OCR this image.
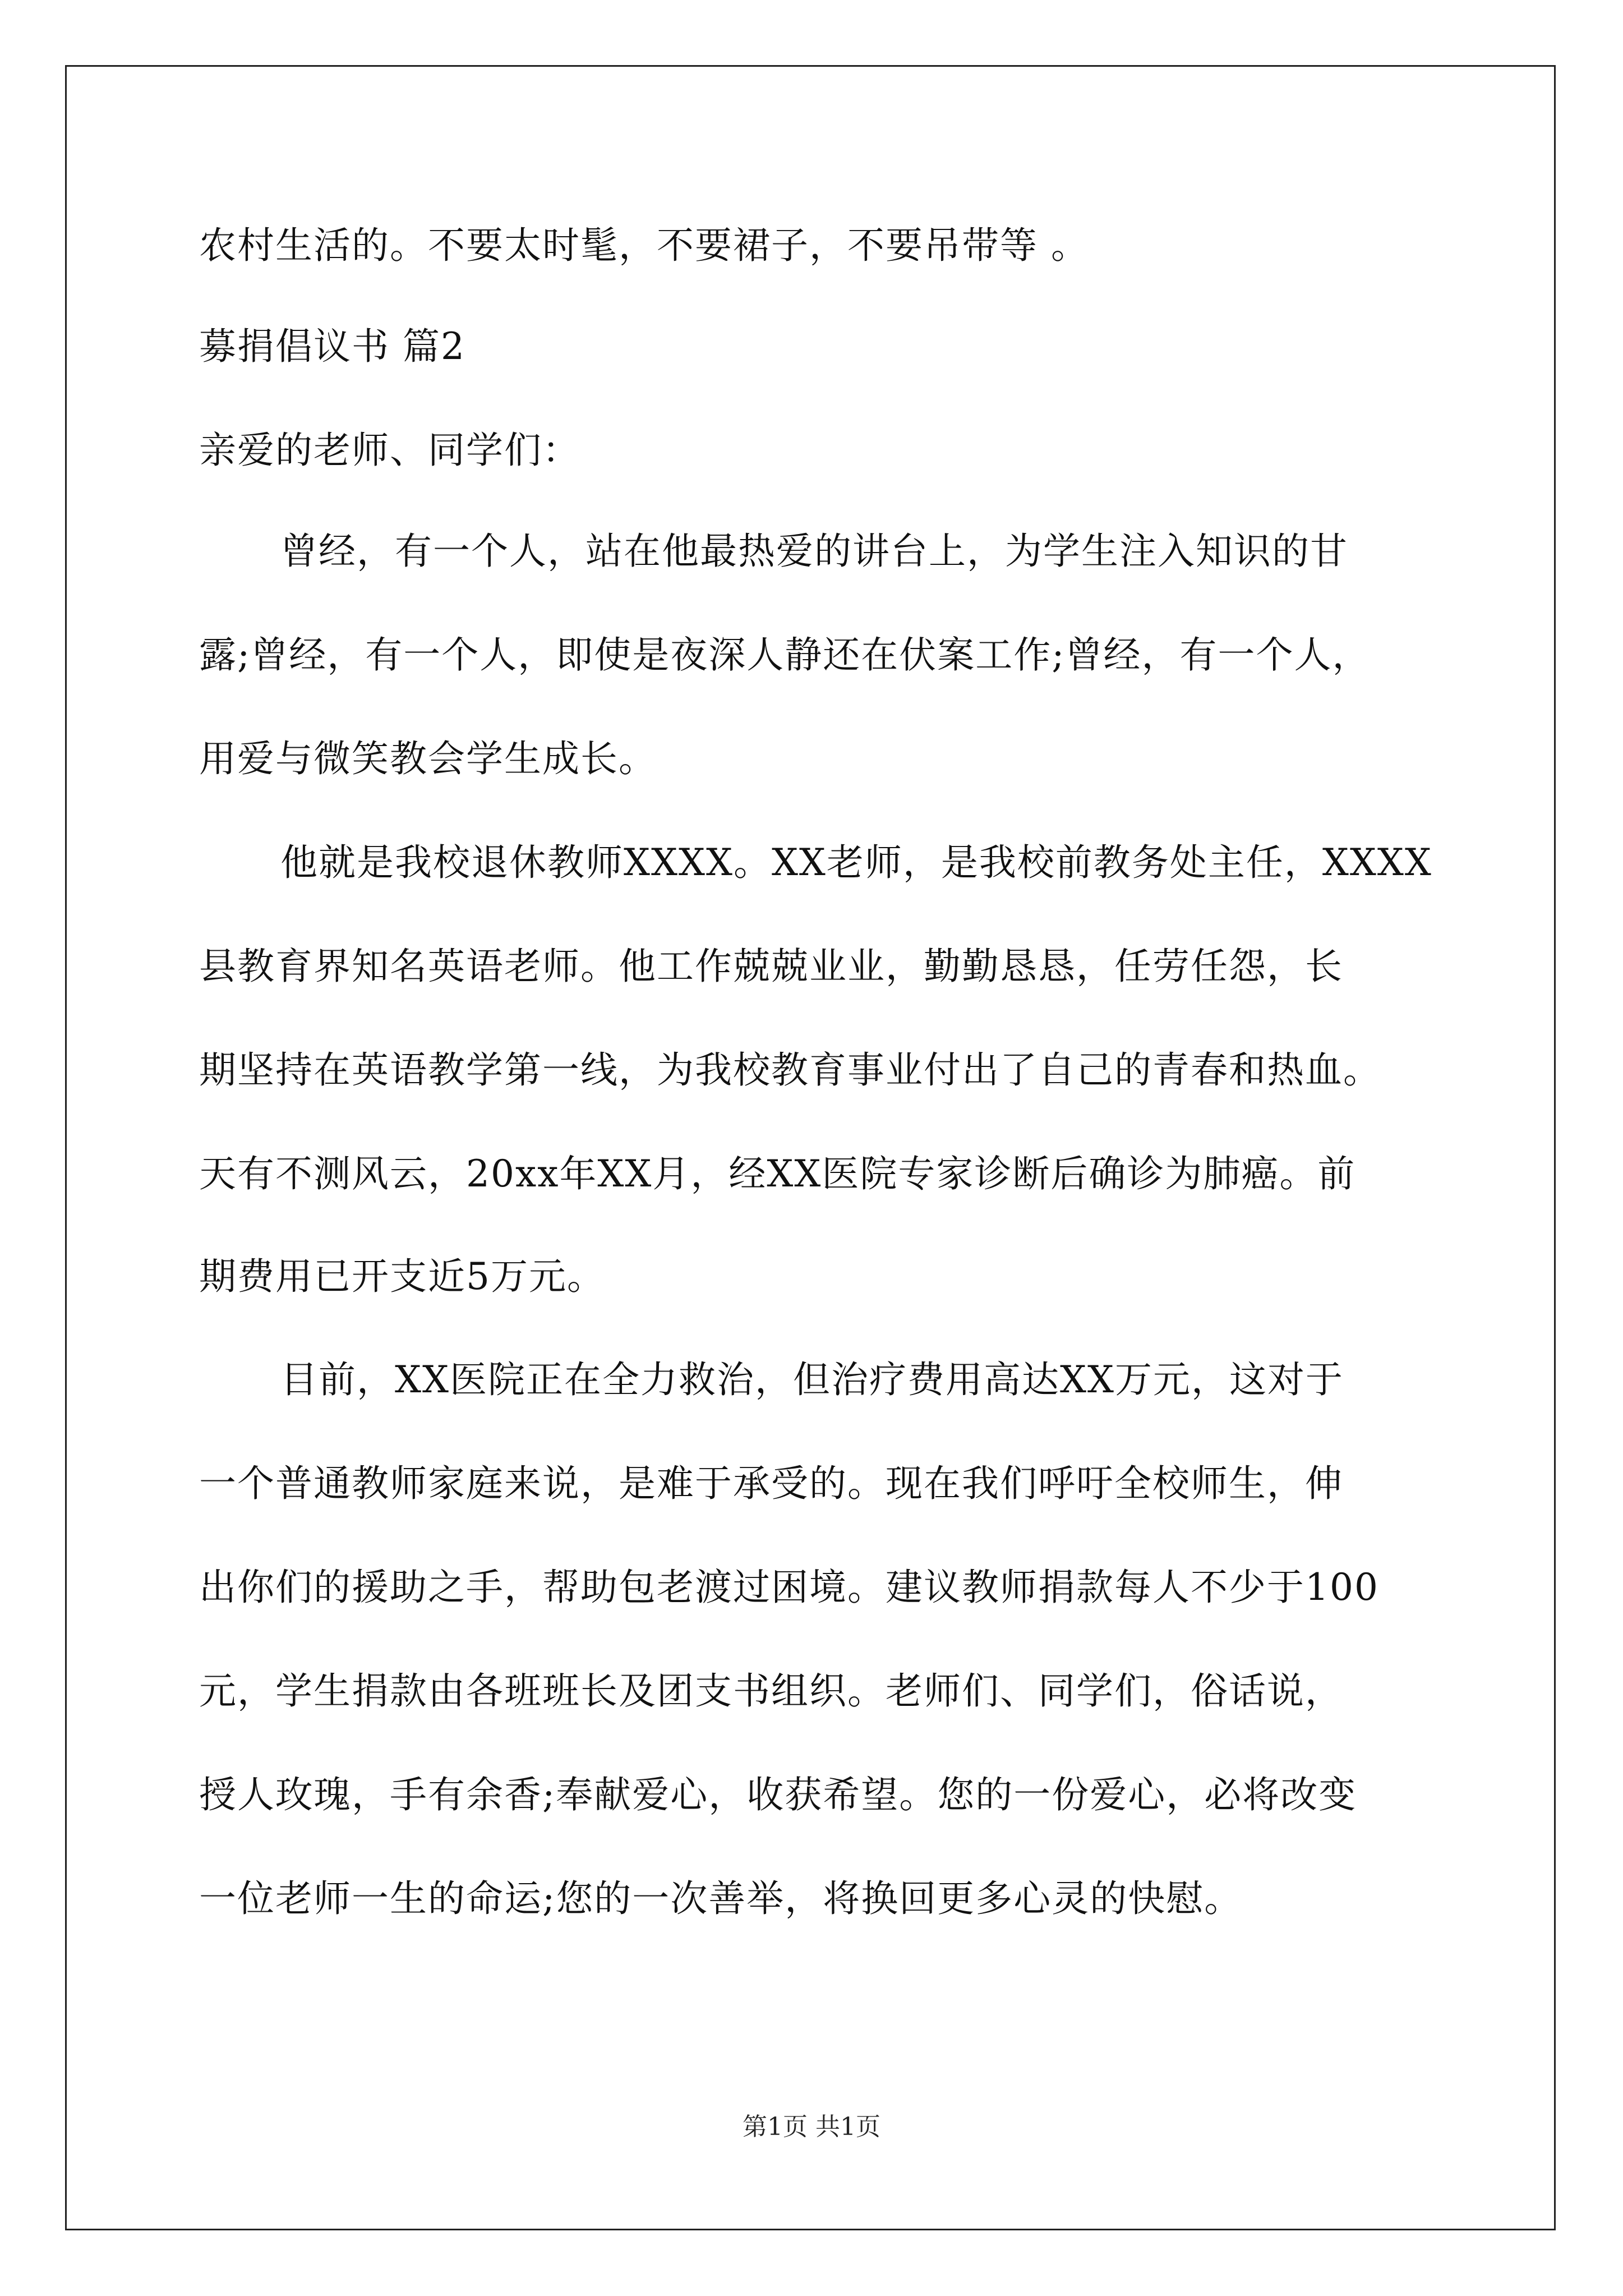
农村生活的。不要太时髦，不要裙子，不要吊带等 。
募捐倡议书 篇2
亲爱的老师、同学们：
曾经，有一个人，站在他最热爱的讲台上，为学生注入知识的甘
露;曾经，有一个人，即使是夜深人静还在伏案工作;曾经，有一个人，
用爱与微笑教会学生成长。
他就是我校退休教师XXXX。XX老师，是我校前教务处主任，XXXX
县教育界知名英语老师。他工作兢兢业业，勤勤恳恳，任劳任怨，长
期坚持在英语教学第一线，为我校教育事业付出了自己的青春和热血。
天有不测风云，20xx年XX月，经XX医院专家诊断后确诊为肺癌。前
期费用已开支近5万元。
目前，XX医院正在全力救治，但治疗费用高达XX万元，这对于
一个普通教师家庭来说，是难于承受的。现在我们呼吁全校师生，伸
出你们的援助之手，帮助包老渡过困境。建议教师捐款每人不少于100
元，学生捐款由各班班长及团支书组织。老师们、同学们，俗话说，
授人玫瑰，手有余香;奉献爱心，收获希望。您的一份爱心，必将改变
一位老师一生的命运;您的一次善举，将换回更多心灵的快慰。
第1页 共1页
